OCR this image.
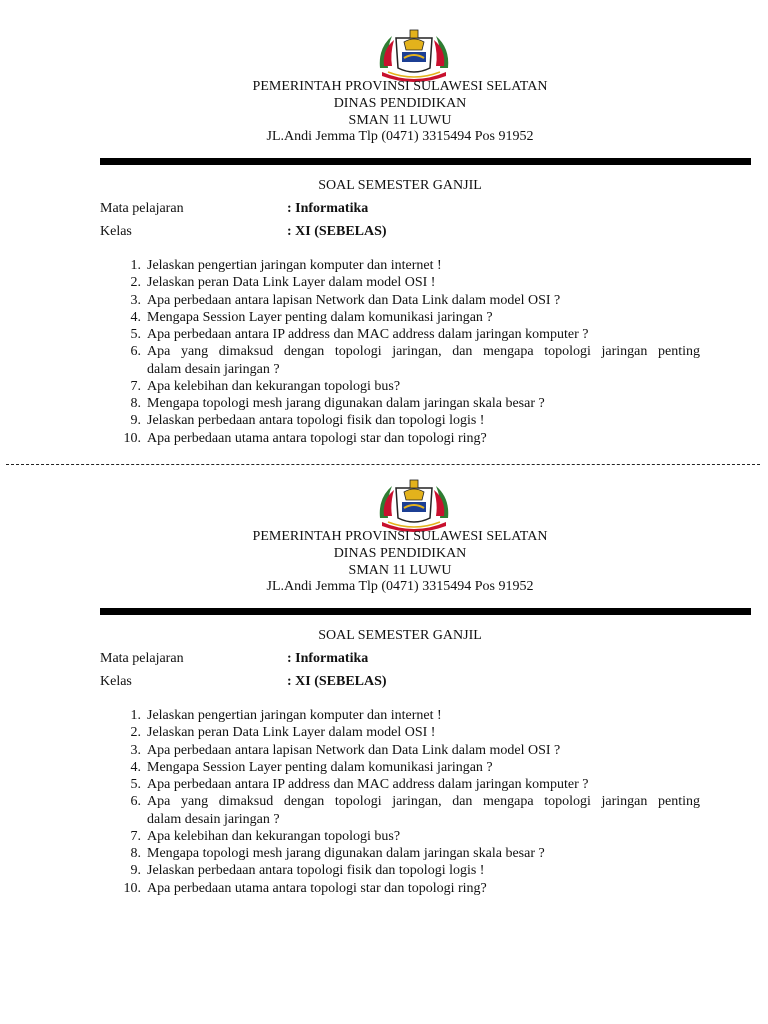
PEMERINTAH PROVINSI SULAWESI SELATAN
DINAS PENDIDIKAN
SMAN 11 LUWU
JL.Andi Jemma Tlp (0471) 3315494 Pos 91952
SOAL SEMESTER GANJIL
Mata pelajaran	: Informatika
Kelas	: XI (SEBELAS)
1. Jelaskan pengertian jaringan komputer dan internet !
2. Jelaskan peran Data Link Layer dalam model OSI !
3. Apa perbedaan antara lapisan Network dan Data Link dalam model OSI ?
4. Mengapa Session Layer penting dalam komunikasi jaringan ?
5. Apa perbedaan antara IP address dan MAC address dalam jaringan komputer ?
6. Apa yang dimaksud dengan topologi jaringan, dan mengapa topologi jaringan penting
dalam desain jaringan ?
7. Apa kelebihan dan kekurangan topologi bus?
8. Mengapa topologi mesh jarang digunakan dalam jaringan skala besar ?
9. Jelaskan perbedaan antara topologi fisik dan topologi logis !
10. Apa perbedaan utama antara topologi star dan topologi ring?
PEMERINTAH PROVINSI SULAWESI SELATAN
DINAS PENDIDIKAN
SMAN 11 LUWU
JL.Andi Jemma Tlp (0471) 3315494 Pos 91952
SOAL SEMESTER GANJIL
Mata pelajaran	: Informatika
Kelas	: XI (SEBELAS)
1. Jelaskan pengertian jaringan komputer dan internet !
2. Jelaskan peran Data Link Layer dalam model OSI !
3. Apa perbedaan antara lapisan Network dan Data Link dalam model OSI ?
4. Mengapa Session Layer penting dalam komunikasi jaringan ?
5. Apa perbedaan antara IP address dan MAC address dalam jaringan komputer ?
6. Apa yang dimaksud dengan topologi jaringan, dan mengapa topologi jaringan penting
dalam desain jaringan ?
7. Apa kelebihan dan kekurangan topologi bus?
8. Mengapa topologi mesh jarang digunakan dalam jaringan skala besar ?
9. Jelaskan perbedaan antara topologi fisik dan topologi logis !
10. Apa perbedaan utama antara topologi star dan topologi ring?
